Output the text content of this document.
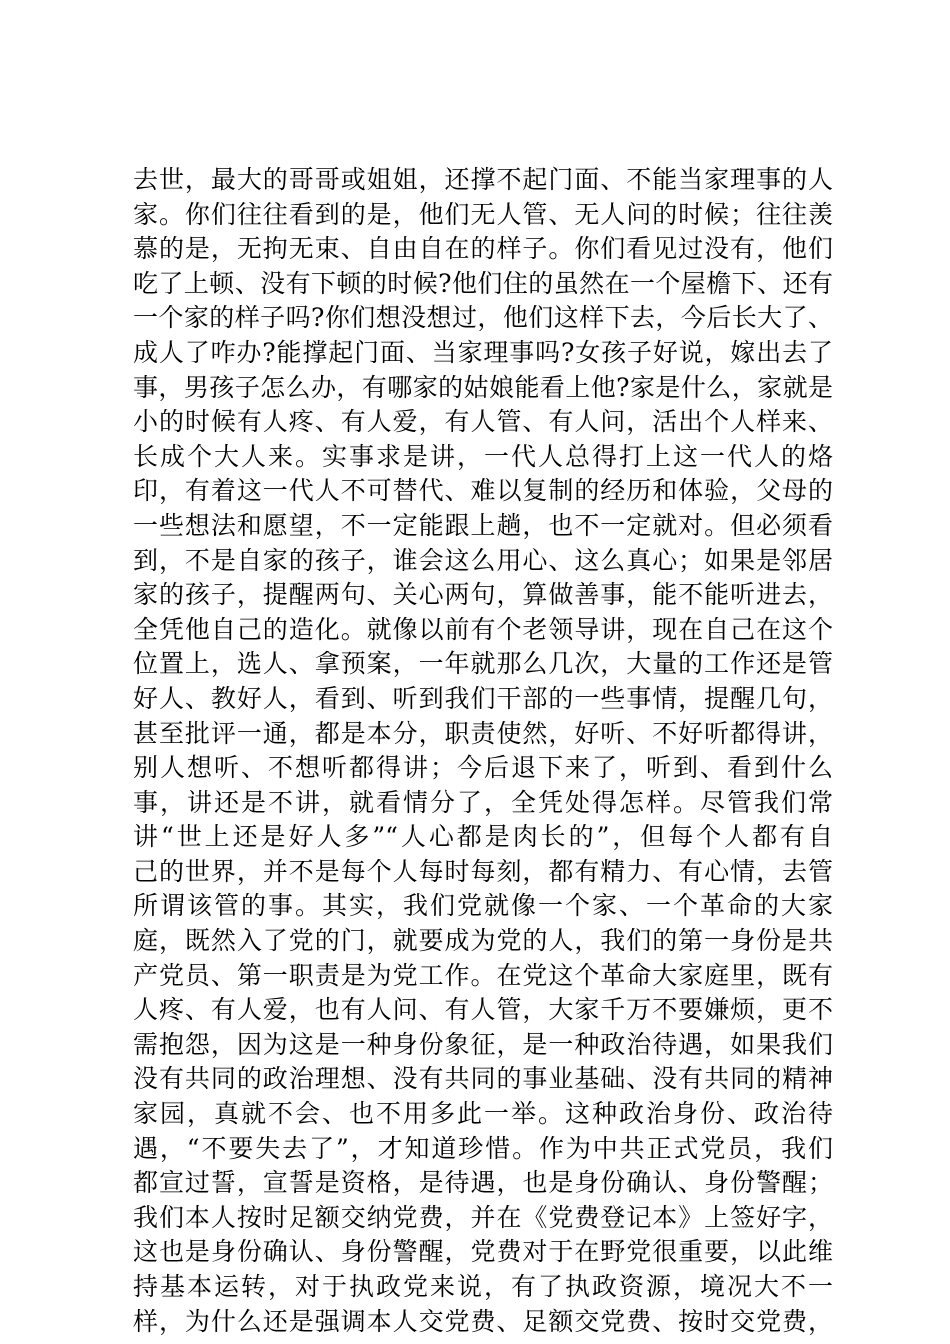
去世，最大的哥哥或姐姐，还撑不起门面、不能当家理事的人
家。你们往往看到的是，他们无人管、无人问的时候；往往羡
慕的是，无拘无束、自由自在的样子。你们看见过没有，他们
吃了上顿、没有下顿的时候?他们住的虽然在一个屋檐下、还有
一个家的样子吗?你们想没想过，他们这样下去，今后长大了、
成人了咋办?能撑起门面、当家理事吗?女孩子好说，嫁出去了
事，男孩子怎么办，有哪家的姑娘能看上他?家是什么，家就是
小的时候有人疼、有人爱，有人管、有人问，活出个人样来、
长成个大人来。实事求是讲，一代人总得打上这一代人的烙
印，有着这一代人不可替代、难以复制的经历和体验，父母的
一些想法和愿望，不一定能跟上趟，也不一定就对。但必须看
到，不是自家的孩子，谁会这么用心、这么真心；如果是邻居
家的孩子，提醒两句、关心两句，算做善事，能不能听进去，
全凭他自己的造化。就像以前有个老领导讲，现在自己在这个
位置上，选人、拿预案，一年就那么几次，大量的工作还是管
好人、教好人，看到、听到我们干部的一些事情，提醒几句，
甚至批评一通，都是本分，职责使然，好听、不好听都得讲，
别人想听、不想听都得讲；今后退下来了，听到、看到什么
事，讲还是不讲，就看情分了，全凭处得怎样。尽管我们常
讲“世上还是好人多”“人心都是肉长的”，但每个人都有自
己的世界，并不是每个人每时每刻，都有精力、有心情，去管
所谓该管的事。其实，我们党就像一个家、一个革命的大家
庭，既然入了党的门，就要成为党的人，我们的第一身份是共
产党员、第一职责是为党工作。在党这个革命大家庭里，既有
人疼、有人爱，也有人问、有人管，大家千万不要嫌烦，更不
需抱怨，因为这是一种身份象征，是一种政治待遇，如果我们
没有共同的政治理想、没有共同的事业基础、没有共同的精神
家园，真就不会、也不用多此一举。这种政治身份、政治待
遇，“不要失去了”，才知道珍惜。作为中共正式党员，我们
都宣过誓，宣誓是资格，是待遇，也是身份确认、身份警醒；
我们本人按时足额交纳党费，并在《党费登记本》上签好字，
这也是身份确认、身份警醒，党费对于在野党很重要，以此维
持基本运转，对于执政党来说，有了执政资源，境况大不一
样，为什么还是强调本人交党费、足额交党费、按时交党费，
